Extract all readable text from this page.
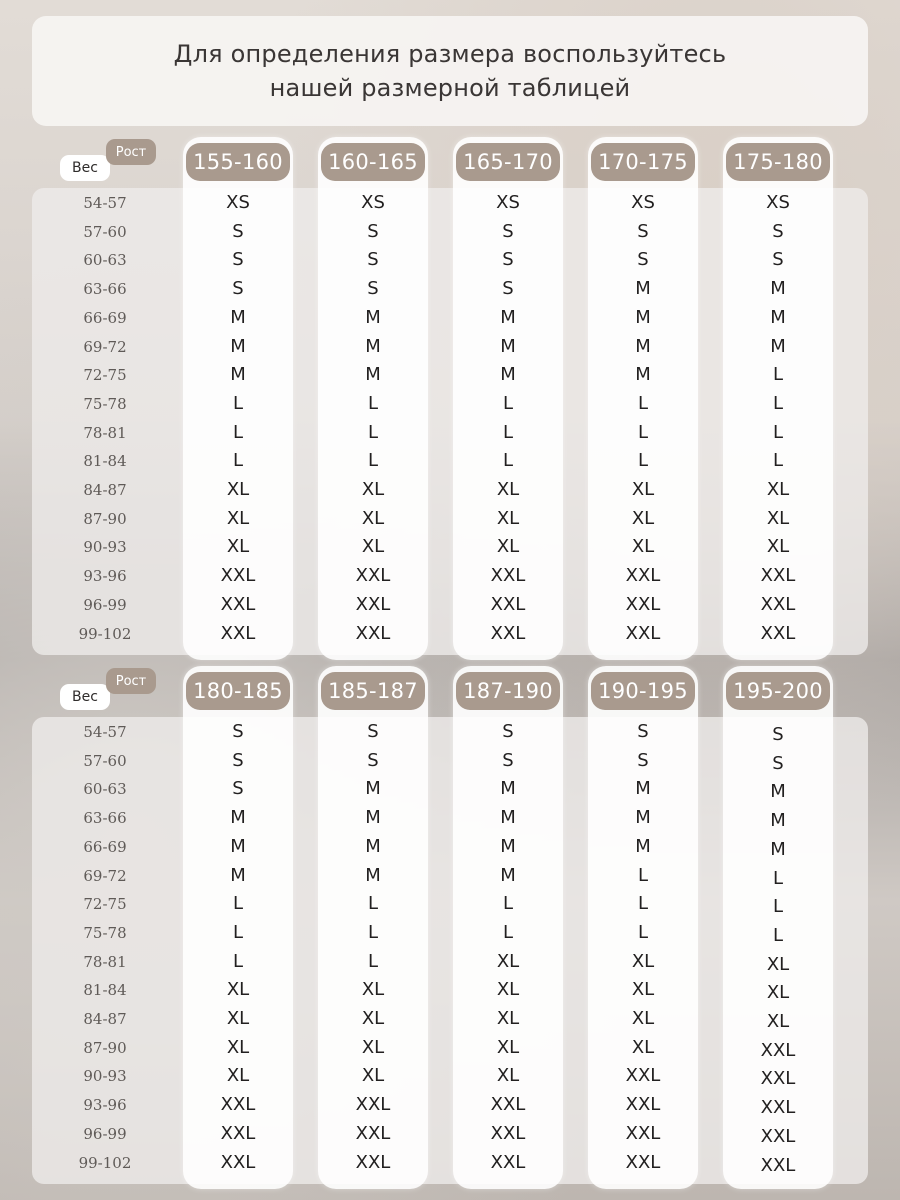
Для определения размера воспользуйтесь
нашей размерной таблицей
Вес
Рост	155-160	160-165	165-170	170-175	175-180
54-57	XS	XS	XS	XS	XS
57-60	S	S	S	S	S
60-63	S	S	S	S	S
63-66	S	S	S	M	M
66-69	M	M	M	M	M
69-72	M	M	M	M	M
72-75	M	M	M	M	L
75-78	L	L	L	L	L
78-81	L	L	L	L	L
81-84	L	L	L	L	L
84-87	XL	XL	XL	XL	XL
87-90	XL	XL	XL	XL	XL
90-93	XL	XL	XL	XL	XL
93-96	XXL	XXL	XXL	XXL	XXL
96-99	XXL	XXL	XXL	XXL	XXL
99-102	XXL	XXL	XXL	XXL	XXL
Вес
Рост	180-185	185-187	187-190	190-195	195-200
54-57	S	S	S	S	S
57-60	S	S	S	S	S
60-63	S	M	M	M	M
63-66	M	M	M	M	M
66-69	M	M	M	M	M
69-72	M	M	M	L	L
72-75	L	L	L	L	L
75-78	L	L	L	L	L
78-81	L	L	XL	XL	XL
81-84	XL	XL	XL	XL	XL
84-87	XL	XL	XL	XL	XL
87-90	XL	XL	XL	XL	XXL
90-93	XL	XL	XL	XXL	XXL
93-96	XXL	XXL	XXL	XXL	XXL
96-99	XXL	XXL	XXL	XXL	XXL
99-102	XXL	XXL	XXL	XXL	XXL
